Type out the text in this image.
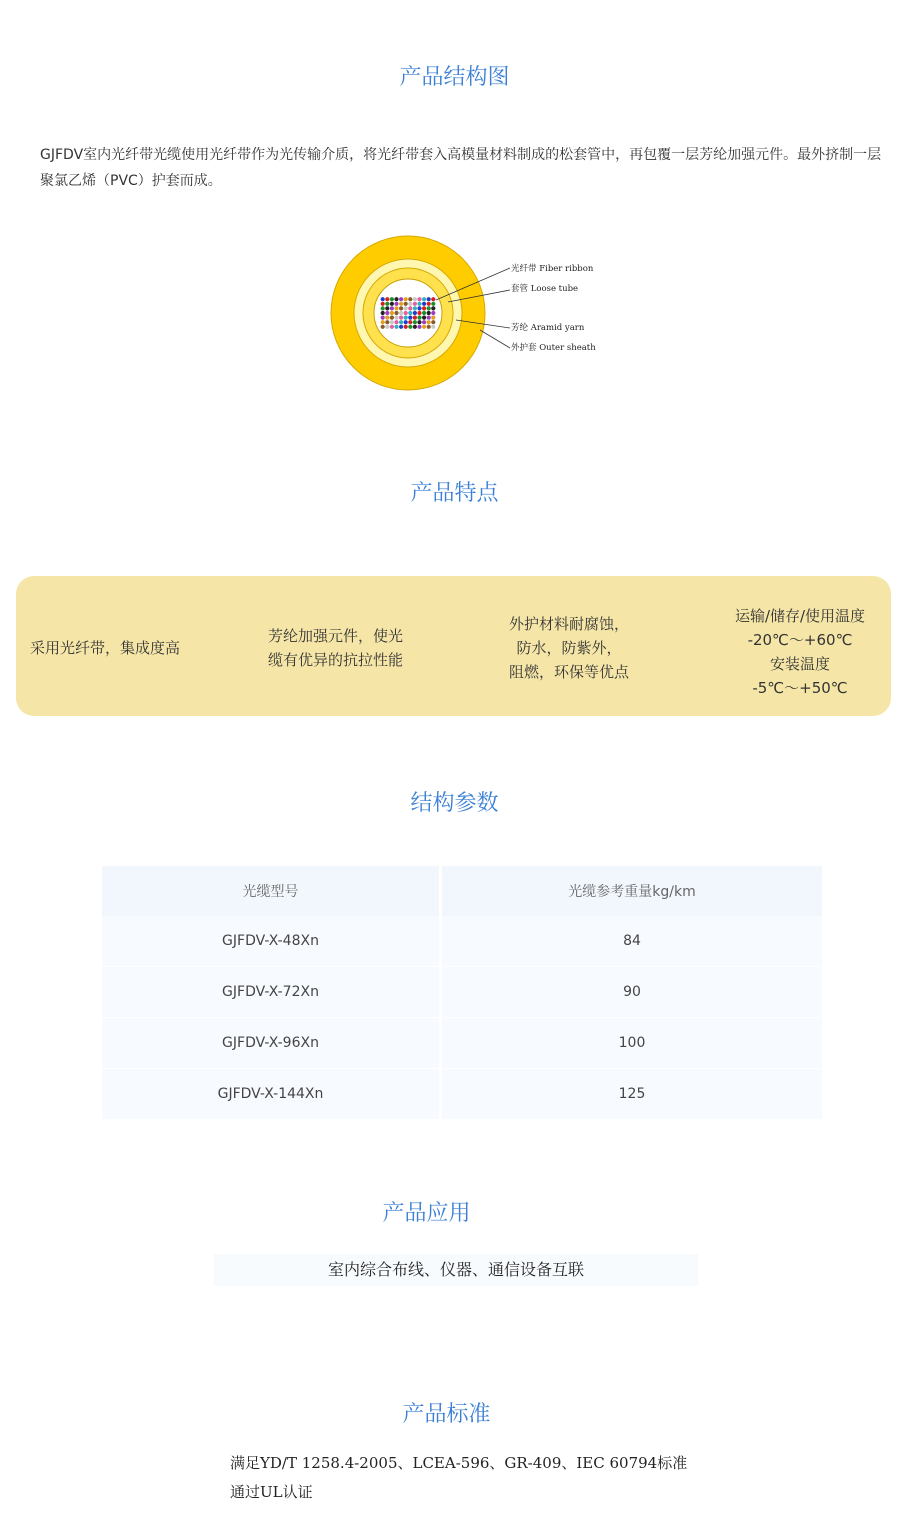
产品结构图

GJFDV室内光纤带光缆使用光纤带作为光传输介质，将光纤带套入高模量材料制成的松套管中，再包覆一层芳纶加强元件。最外挤制一层聚氯乙烯（PVC）护套而成。

光纤带 Fiber ribbon
套管 Loose tube
芳纶 Aramid yarn
外护套 Outer sheath
产品特点
采用光纤带，集成度高
芳纶加强元件，使光
缆有优异的抗拉性能
外护材料耐腐蚀，
防水，防紫外，
阻燃，环保等优点
运输/储存/使用温度
-20℃～+60℃
安装温度
-5℃～+50℃
结构参数
光缆型号	光缆参考重量kg/km
GJFDV-X-48Xn	84
GJFDV-X-72Xn	90
GJFDV-X-96Xn	100
GJFDV-X-144Xn	125
产品应用
室内综合布线、仪器、通信设备互联
产品标准

满足YD/T 1258.4-2005、LCEA-596、GR-409、IEC 60794标准

通过UL认证
